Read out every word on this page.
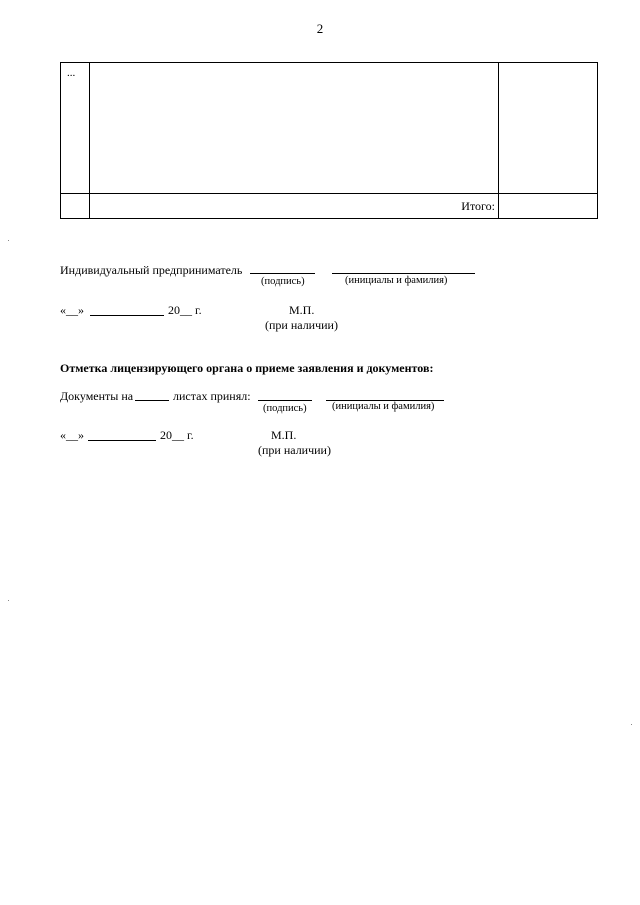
2
...		

	Итого:	
Индивидуальный предприниматель
(подпись)	(инициалы и фамилия)
«__»	20__ г.	М.П.
(при наличии)
Отметка лицензирующего органа о приеме заявления и документов:
Документы на	листах принял:
(подпись) (инициалы и фамилия)
«__»	20__ г.	М.П.
(при наличии)
